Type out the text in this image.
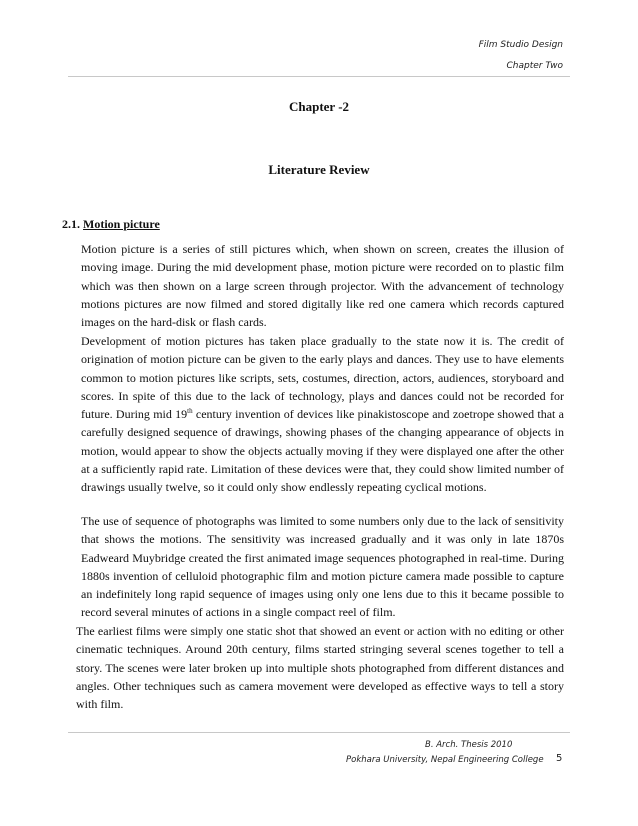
Film Studio Design
Chapter Two
Chapter -2
Literature Review
2.1. Motion picture

Motion picture is a series of still pictures which, when shown on screen, creates the illusion of moving image. During the mid development phase, motion picture were recorded on to plastic film which was then shown on a large screen through projector. With the advancement of technology motions pictures are now filmed and stored digitally like red one camera which records captured images on the hard-disk or flash cards.

Development of motion pictures has taken place gradually to the state now it is. The credit of origination of motion picture can be given to the early plays and dances. They use to have elements common to motion pictures like scripts, sets, costumes, direction, actors, audiences, storyboard and scores. In spite of this due to the lack of technology, plays and dances could not be recorded for future. During mid 19th century invention of devices like pinakistoscope and zoetrope showed that a carefully designed sequence of drawings, showing phases of the changing appearance of objects in motion, would appear to show the objects actually moving if they were displayed one after the other at a sufficiently rapid rate. Limitation of these devices were that, they could show limited number of drawings usually twelve, so it could only show endlessly repeating cyclical motions.

The use of sequence of photographs was limited to some numbers only due to the lack of sensitivity that shows the motions. The sensitivity was increased gradually and it was only in late 1870s Eadweard Muybridge created the first animated image sequences photographed in real-time. During 1880s invention of celluloid photographic film and motion picture camera made possible to capture an indefinitely long rapid sequence of images using only one lens due to this it became possible to record several minutes of actions in a single compact reel of film.

The earliest films were simply one static shot that showed an event or action with no editing or other cinematic techniques. Around 20th century, films started stringing several scenes together to tell a story. The scenes were later broken up into multiple shots photographed from different distances and angles. Other techniques such as camera movement were developed as effective ways to tell a story with film.

B. Arch. Thesis 2010
Pokhara University, Nepal Engineering College 5
